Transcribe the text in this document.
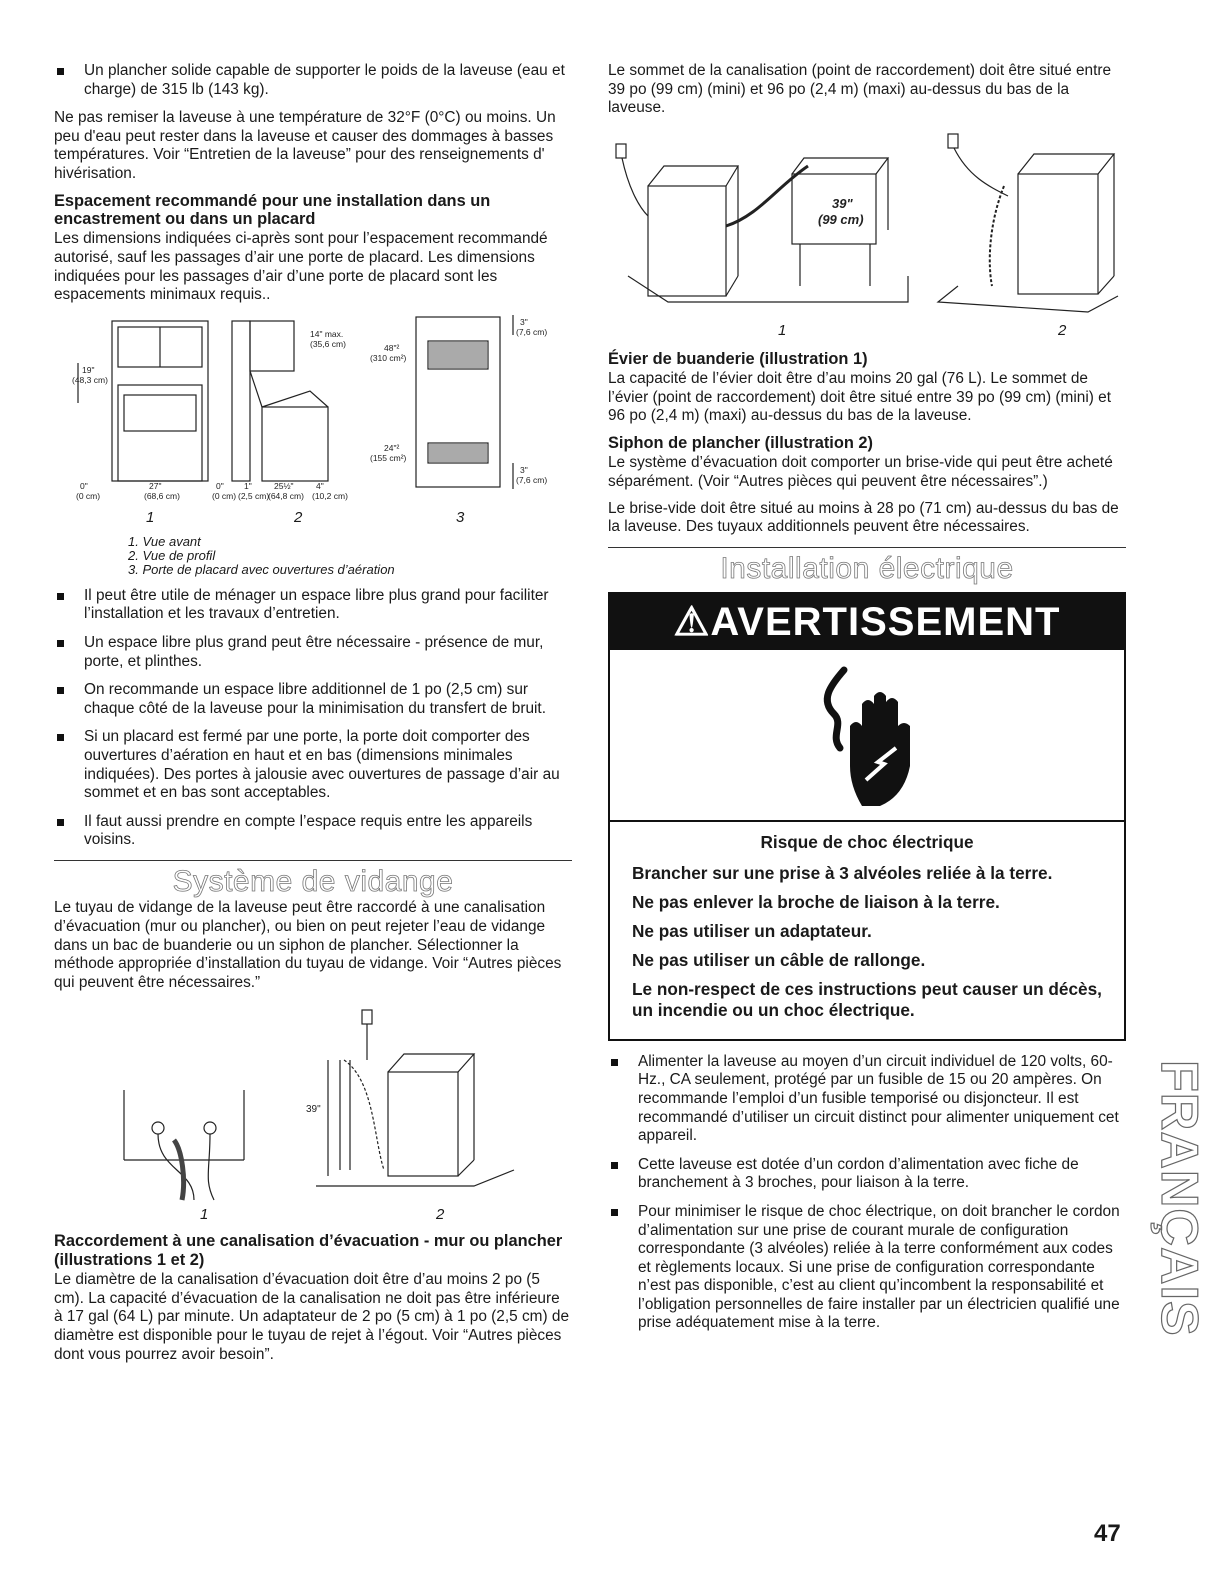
Un plancher solide capable de supporter le poids de la laveuse (eau et charge) de 315 lb (143 kg).

Ne pas remiser la laveuse à une température de 32°F (0°C) ou moins. Un peu d'eau peut rester dans la laveuse et causer des dommages à basses températures. Voir “Entretien de la laveuse” pour des renseignements d' hivérisation.

Espacement recommandé pour une installation dans un encastrement ou dans un placard

Les dimensions indiquées ci-après sont pour l’espacement recommandé autorisé, sauf les passages d’air une porte de placard. Les dimensions indiquées pour les passages d’air d’une porte de placard sont les espacements minimaux requis..

19"
(48,3 cm)
0"
(0 cm)
27"
(68,6 cm)
0"
(0 cm)
1"
(2,5 cm)
25½"
(64,8 cm)
4"
(10,2 cm)
14" max.
(35,6 cm)	48"²
(310 cm²)
24"²
(155 cm²)
3"
(7,6 cm)
3"
(7,6 cm)
1	2	3
1. Vue avant
2. Vue de profil
3. Porte de placard avec ouvertures d’aération
Il peut être utile de ménager un espace libre plus grand pour faciliter l’installation et les travaux d’entretien.
Un espace libre plus grand peut être nécessaire - présence de mur, porte, et plinthes.
On recommande un espace libre additionnel de 1 po (2,5 cm) sur chaque côté de la laveuse pour la minimisation du transfert de bruit.
Si un placard est fermé par une porte, la porte doit comporter des ouvertures d’aération en haut et en bas (dimensions minimales indiquées). Des portes à jalousie avec ouvertures de passage d’air au sommet et en bas sont acceptables.
Il faut aussi prendre en compte l’espace requis entre les appareils voisins.
Système de vidange

Le tuyau de vidange de la laveuse peut être raccordé à une canalisation d’évacuation (mur ou plancher), ou bien on peut rejeter l’eau de vidange dans un bac de buanderie ou un siphon de plancher. Sélectionner la méthode appropriée d’installation du tuyau de vidange. Voir “Autres pièces qui peuvent être nécessaires.”

39"
1	2
Raccordement à une canalisation d’évacuation - mur ou plancher (illustrations 1 et 2)

Le diamètre de la canalisation d’évacuation doit être d’au moins 2 po (5 cm). La capacité d’évacuation de la canalisation ne doit pas être inférieure à 17 gal (64 L) par minute. Un adaptateur de 2 po (5 cm) à 1 po (2,5 cm) de diamètre est disponible pour le tuyau de rejet à l’égout. Voir “Autres pièces dont vous pourrez avoir besoin”.

Le sommet de la canalisation (point de raccordement) doit être situé entre 39 po (99 cm) (mini) et 96 po (2,4 m) (maxi) au-dessus du bas de la laveuse.

39"
(99 cm)
1	2
Évier de buanderie (illustration 1)

La capacité de l’évier doit être d’au moins 20 gal (76 L). Le sommet de l’évier (point de raccordement) doit être situé entre 39 po (99 cm) (mini) et 96 po (2,4 m) (maxi) au-dessus du bas de la laveuse.

Siphon de plancher (illustration 2)

Le système d’évacuation doit comporter un brise-vide qui peut être acheté séparément. (Voir “Autres pièces qui peuvent être nécessaires”.)

Le brise-vide doit être situé au moins à 28 po (71 cm) au-dessus du bas de la laveuse. Des tuyaux additionnels peuvent être nécessaires.

Installation électrique
⚠AVERTISSEMENT
Risque de choc électrique

Brancher sur une prise à 3 alvéoles reliée à la terre.

Ne pas enlever la broche de liaison à la terre.

Ne pas utiliser un adaptateur.

Ne pas utiliser un câble de rallonge.

Le non-respect de ces instructions peut causer un décès, un incendie ou un choc électrique.

Alimenter la laveuse au moyen d’un circuit individuel de 120 volts, 60-Hz., CA seulement, protégé par un fusible de 15 ou 20 ampères. On recommande l’emploi d’un fusible temporisé ou disjoncteur. Il est recommandé d’utiliser un circuit distinct pour alimenter uniquement cet appareil.
Cette laveuse est dotée d’un cordon d’alimentation avec fiche de branchement à 3 broches, pour liaison à la terre.
Pour minimiser le risque de choc électrique, on doit brancher le cordon d’alimentation sur une prise de courant murale de configuration correspondante (3 alvéoles) reliée à la terre conformément aux codes et règlements locaux. Si une prise de configuration correspondante n’est pas disponible, c’est au client qu’incombent la responsabilité et l’obligation personnelles de faire installer par un électricien qualifié une prise adéquatement mise à la terre.	FRANÇAIS
47
